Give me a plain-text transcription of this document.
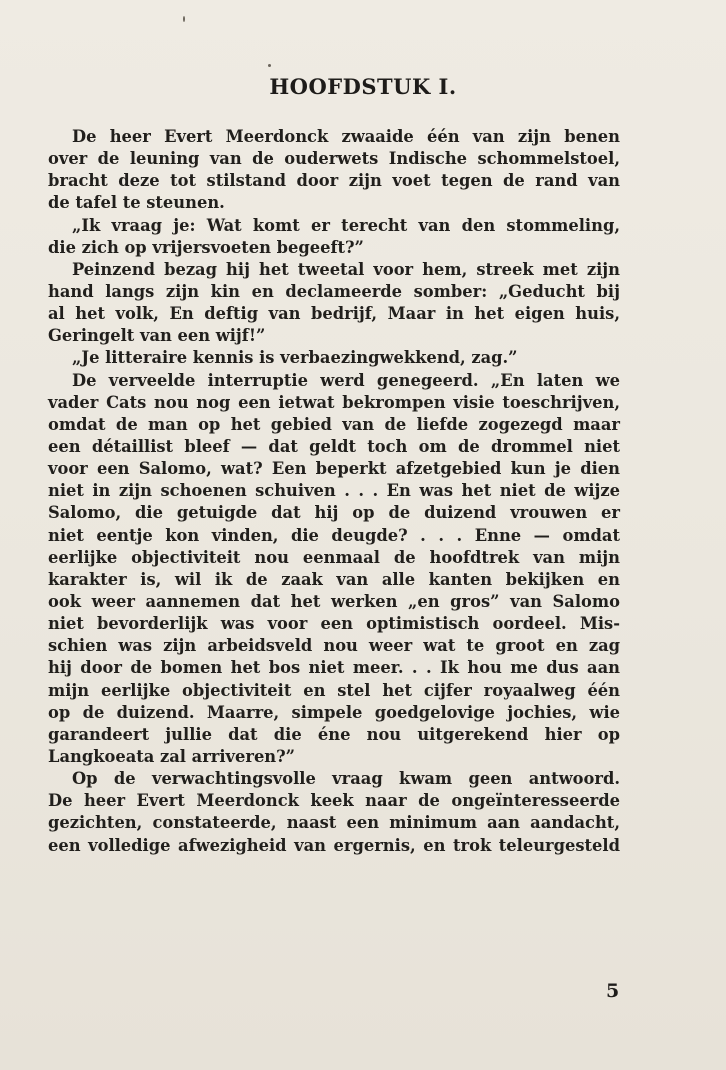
HOOFDSTUK I.
De heer Evert Meerdonck zwaaide één van zijn benen
over de leuning van de ouderwets Indische schommelstoel,
bracht deze tot stilstand door zijn voet tegen de rand van
de tafel te steunen.
„Ik vraag je: Wat komt er terecht van den stommeling,
die zich op vrijersvoeten begeeft?”
Peinzend bezag hij het tweetal voor hem, streek met zijn
hand langs zijn kin en declameerde somber: „Geducht bij
al het volk, En deftig van bedrijf, Maar in het eigen huis,
Geringelt van een wijf!”
„Je litteraire kennis is verbaezingwekkend, zag.”
De verveelde interruptie werd genegeerd. „En laten we
vader Cats nou nog een ietwat bekrompen visie toeschrijven,
omdat de man op het gebied van de liefde zogezegd maar
een détaillist bleef — dat geldt toch om de drommel niet
voor een Salomo, wat? Een beperkt afzetgebied kun je dien
niet in zijn schoenen schuiven . . . En was het niet de wijze
Salomo, die getuigde dat hij op de duizend vrouwen er
niet eentje kon vinden, die deugde? . . . Enne — omdat
eerlijke objectiviteit nou eenmaal de hoofdtrek van mijn
karakter is, wil ik de zaak van alle kanten bekijken en
ook weer aannemen dat het werken „en gros” van Salomo
niet bevorderlijk was voor een optimistisch oordeel. Mis-
schien was zijn arbeidsveld nou weer wat te groot en zag
hij door de bomen het bos niet meer. . . Ik hou me dus aan
mijn eerlijke objectiviteit en stel het cijfer royaalweg één
op de duizend. Maarre, simpele goedgelovige jochies, wie
garandeert jullie dat die éne nou uitgerekend hier op
Langkoeata zal arriveren?”
Op de verwachtingsvolle vraag kwam geen antwoord.
De heer Evert Meerdonck keek naar de ongeïnteresseerde
gezichten, constateerde, naast een minimum aan aandacht,
een volledige afwezigheid van ergernis, en trok teleurgesteld
5
